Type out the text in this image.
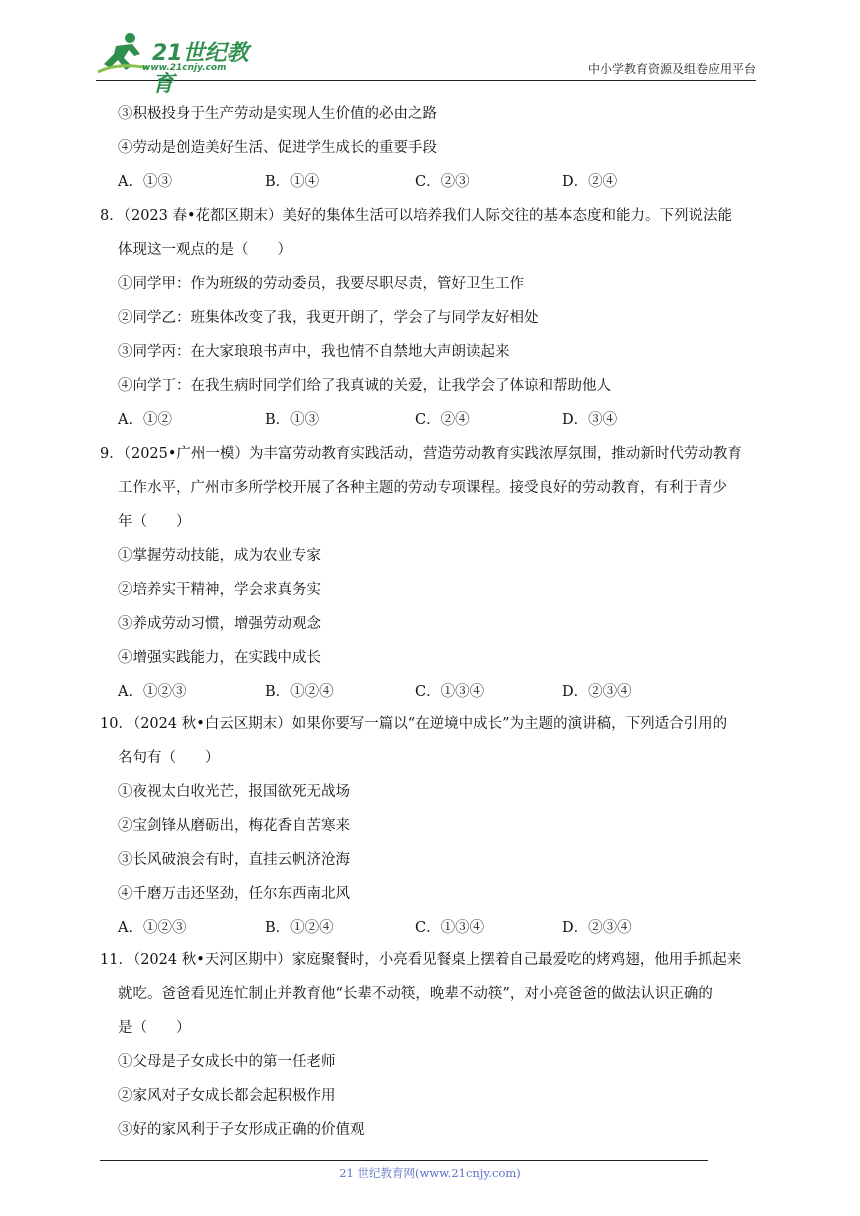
21世纪教育
www.21cnjy.com	中小学教育资源及组卷应用平台
③积极投身于生产劳动是实现人生价值的必由之路
④劳动是创造美好生活、促进学生成长的重要手段
A．①③	B．①④	C．②③	D．②④
8．（2023 春•花都区期末）美好的集体生活可以培养我们人际交往的基本态度和能力。下列说法能
体现这一观点的是（　　）
①同学甲：作为班级的劳动委员，我要尽职尽责，管好卫生工作
②同学乙：班集体改变了我，我更开朗了，学会了与同学友好相处
③同学丙：在大家琅琅书声中，我也情不自禁地大声朗读起来
④向学丁：在我生病时同学们给了我真诚的关爱，让我学会了体谅和帮助他人
A．①②	B．①③	C．②④	D．③④
9．（2025•广州一模）为丰富劳动教育实践活动，营造劳动教育实践浓厚氛围，推动新时代劳动教育
工作水平，广州市多所学校开展了各种主题的劳动专项课程。接受良好的劳动教育，有利于青少
年（　　）
①掌握劳动技能，成为农业专家
②培养实干精神，学会求真务实
③养成劳动习惯，增强劳动观念
④增强实践能力，在实践中成长
A．①②③	B．①②④	C．①③④	D．②③④
10．（2024 秋•白云区期末）如果你要写一篇以“在逆境中成长”为主题的演讲稿，下列适合引用的
名句有（　　）
①夜视太白收光芒，报国欲死无战场
②宝剑锋从磨砺出，梅花香自苦寒来
③长风破浪会有时，直挂云帆济沧海
④千磨万击还坚劲，任尔东西南北风
A．①②③	B．①②④	C．①③④	D．②③④
11．（2024 秋•天河区期中）家庭聚餐时，小亮看见餐桌上摆着自己最爱吃的烤鸡翅，他用手抓起来
就吃。爸爸看见连忙制止并教育他“长辈不动筷，晚辈不动筷”，对小亮爸爸的做法认识正确的
是（　　）
①父母是子女成长中的第一任老师
②家风对子女成长都会起积极作用
③好的家风利于子女形成正确的价值观
21 世纪教育网(www.21cnjy.com)
